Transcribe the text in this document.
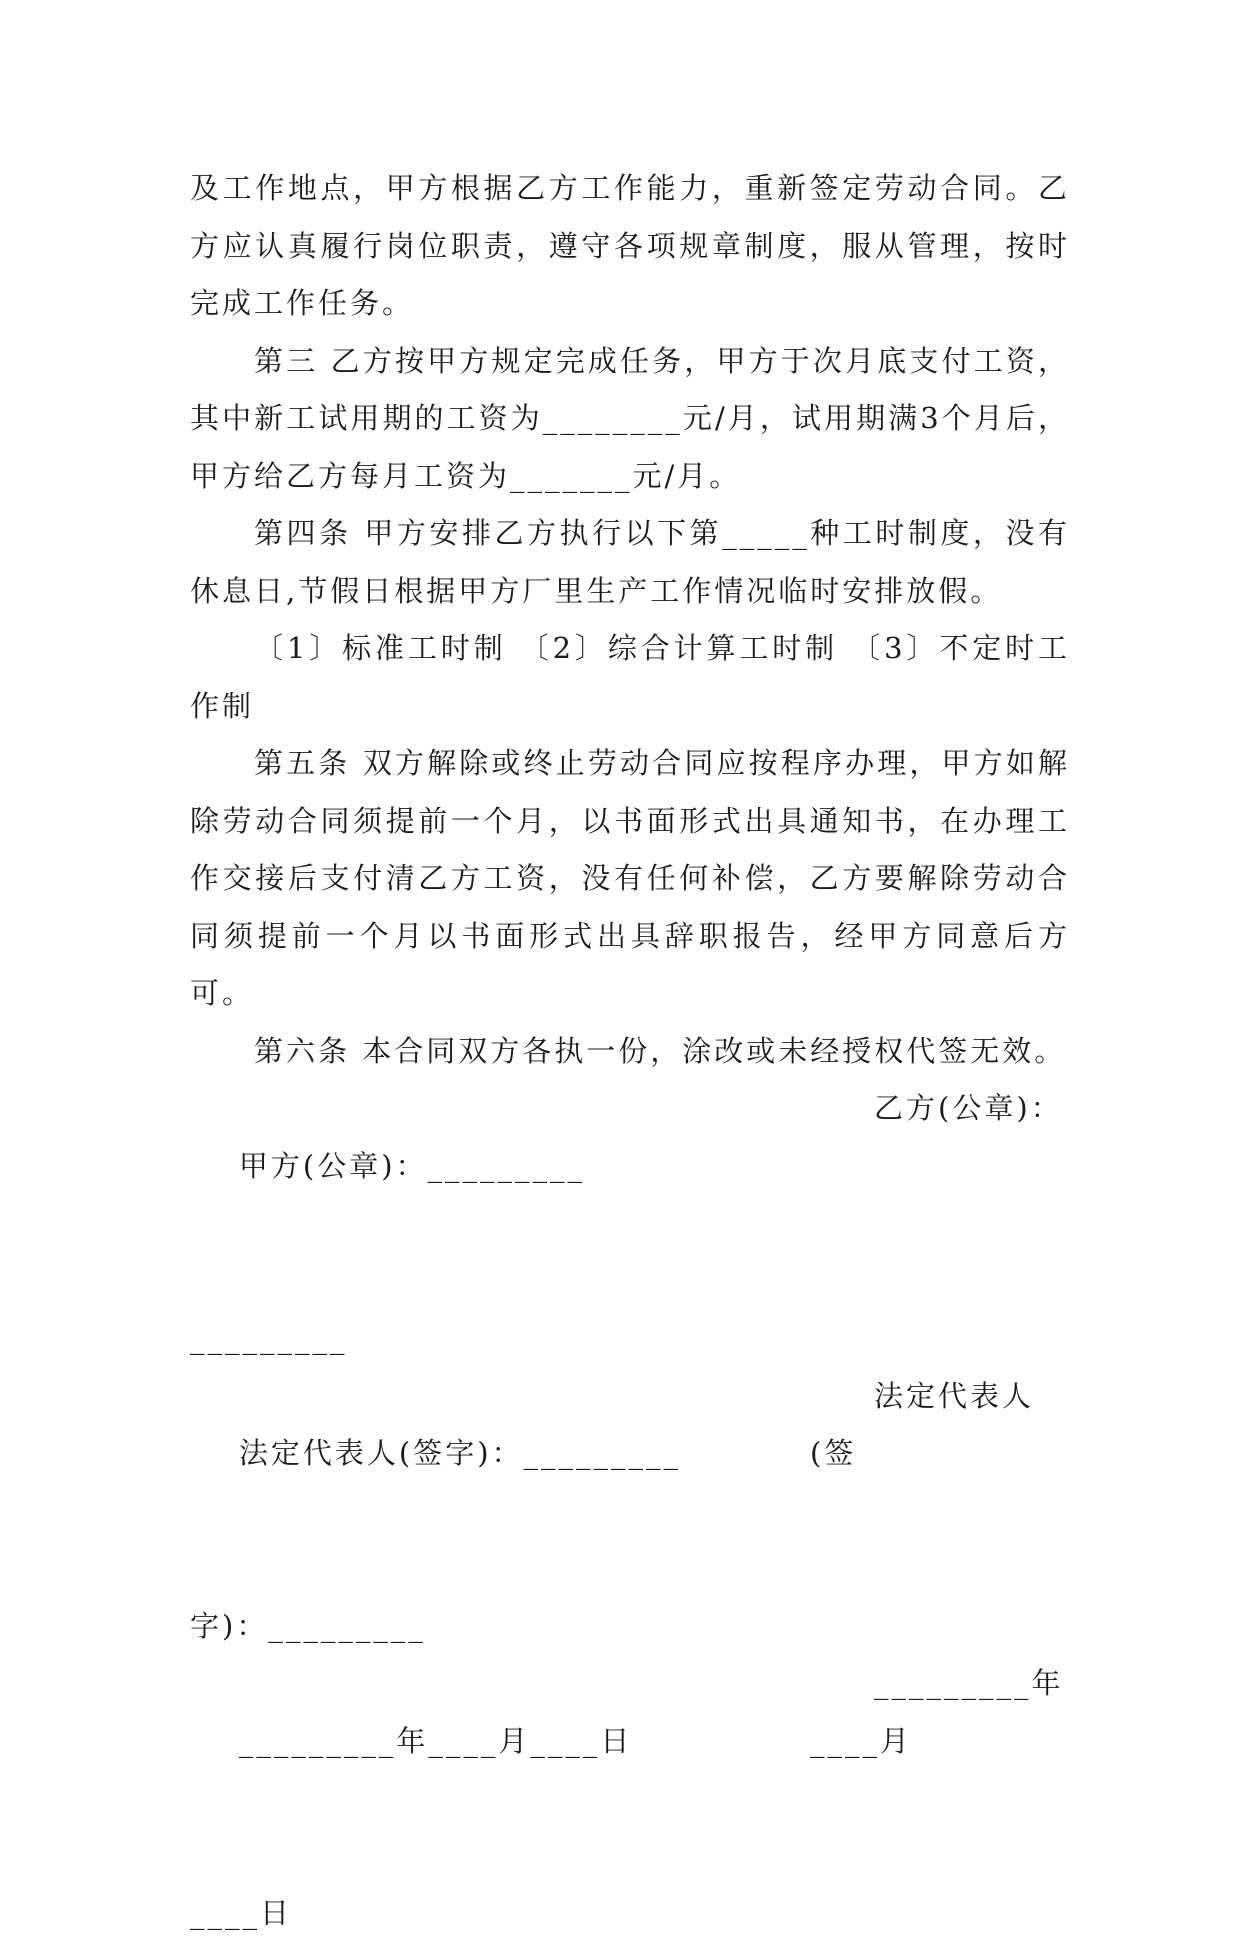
及工作地点，甲方根据乙方工作能力，重新签定劳动合同。乙方应认真履行岗位职责，遵守各项规章制度，服从管理，按时完成工作任务。

第三 乙方按甲方规定完成任务，甲方于次月底支付工资，其中新工试用期的工资为________元/月，试用期满3个月后，甲方给乙方每月工资为_______元/月。

第四条 甲方安排乙方执行以下第_____种工时制度，没有休息日,节假日根据甲方厂里生产工作情况临时安排放假。

〔1〕标准工时制 〔2〕综合计算工时制 〔3〕不定时工作制

第五条 双方解除或终止劳动合同应按程序办理，甲方如解除劳动合同须提前一个月，以书面形式出具通知书，在办理工作交接后支付清乙方工资，没有任何补偿，乙方要解除劳动合同须提前一个月以书面形式出具辞职报告，经甲方同意后方可。

第六条 本合同双方各执一份，涂改或未经授权代签无效。

甲方(公章)：_________

乙方(公章)：

_________

法定代表人(签字)：_________

法定代表人(签

字)：_________

_________年____月____日

_________年____月

____日
